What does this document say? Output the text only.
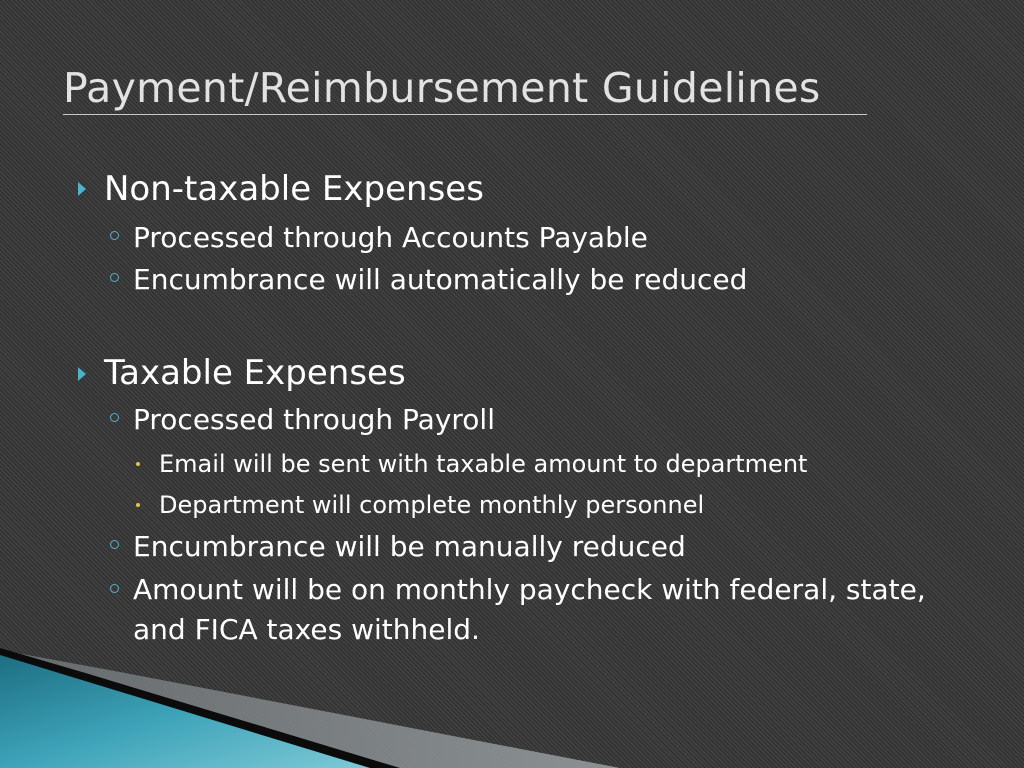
Payment/Reimbursement Guidelines
Non-taxable Expenses
Processed through Accounts Payable
Encumbrance will automatically be reduced
Taxable Expenses
Processed through Payroll
Email will be sent with taxable amount to department
Department will complete monthly personnel
Encumbrance will be manually reduced
Amount will be on monthly paycheck with federal, state, and FICA taxes withheld.
